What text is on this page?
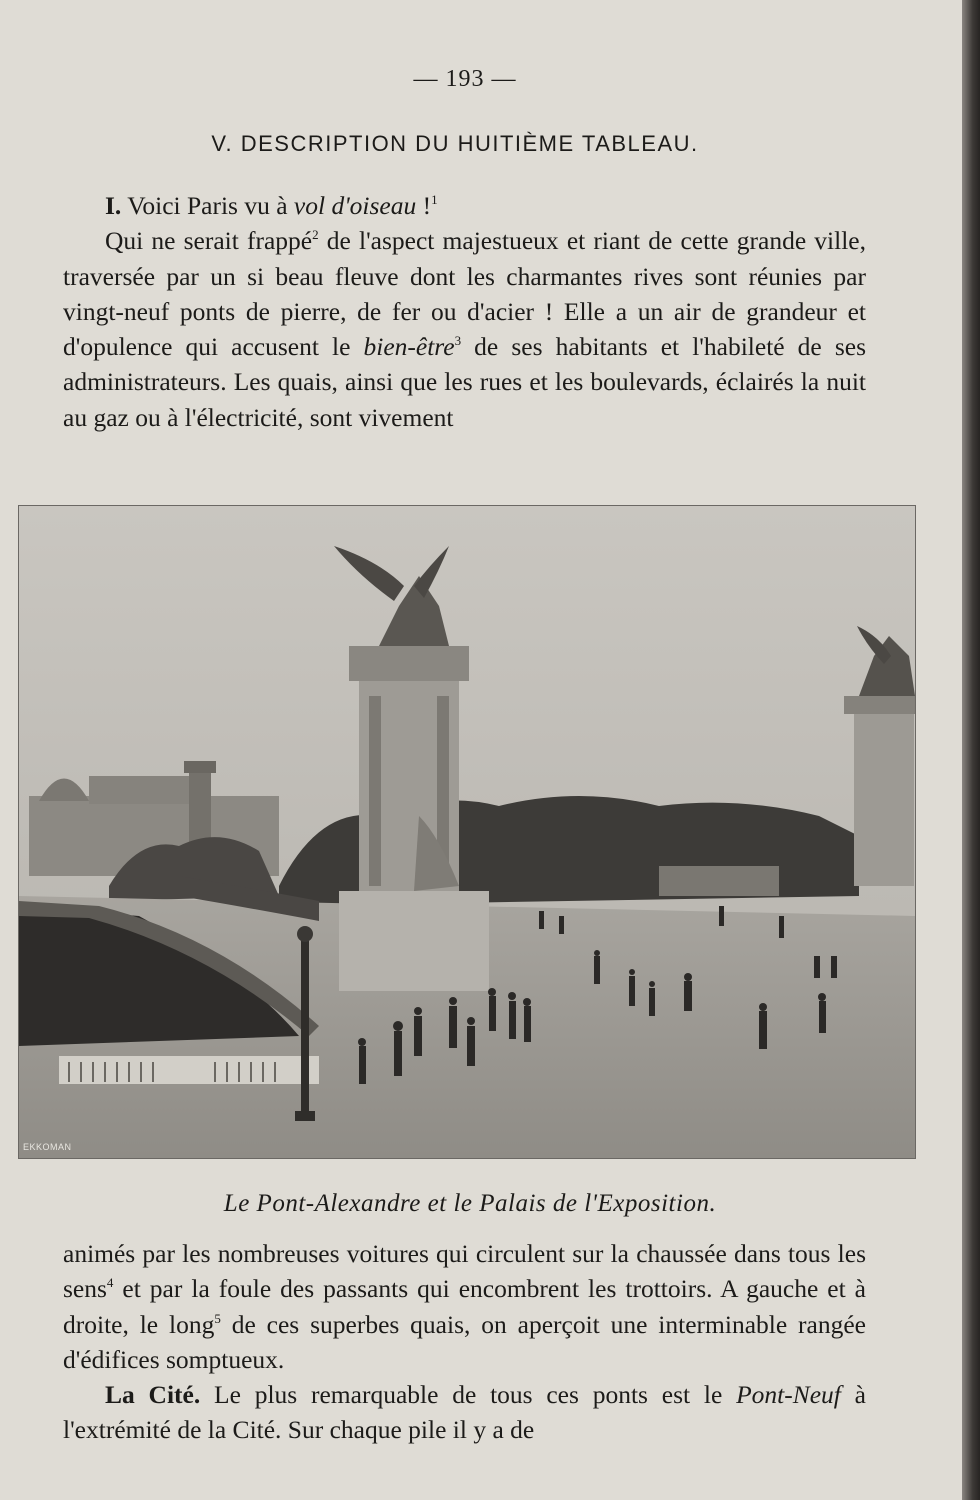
— 193 —
V. DESCRIPTION DU HUITIÈME TABLEAU.

I. Voici Paris vu à vol d'oiseau !$^1$

Qui ne serait frappé$^2$ de l'aspect majestueux et riant de cette grande ville, traversée par un si beau fleuve dont les charmantes rives sont réunies par vingt-neuf ponts de pierre, de fer ou d'acier ! Elle a un air de grandeur et d'opulence qui accusent le bien-être$^3$ de ses habitants et l'habileté de ses administrateurs. Les quais, ainsi que les rues et les boulevards, éclairés la nuit au gaz ou à l'électricité, sont vivement

EKKOMAN
Le Pont-Alexandre et le Palais de l'Exposition.

animés par les nombreuses voitures qui circulent sur la chaussée dans tous les sens$^4$ et par la foule des passants qui encombrent les trottoirs. A gauche et à droite, le long$^5$ de ces superbes quais, on aperçoit une interminable rangée d'édifices somptueux.

La Cité. Le plus remarquable de tous ces ponts est le Pont-Neuf à l'extrémité de la Cité. Sur chaque pile il y a de
